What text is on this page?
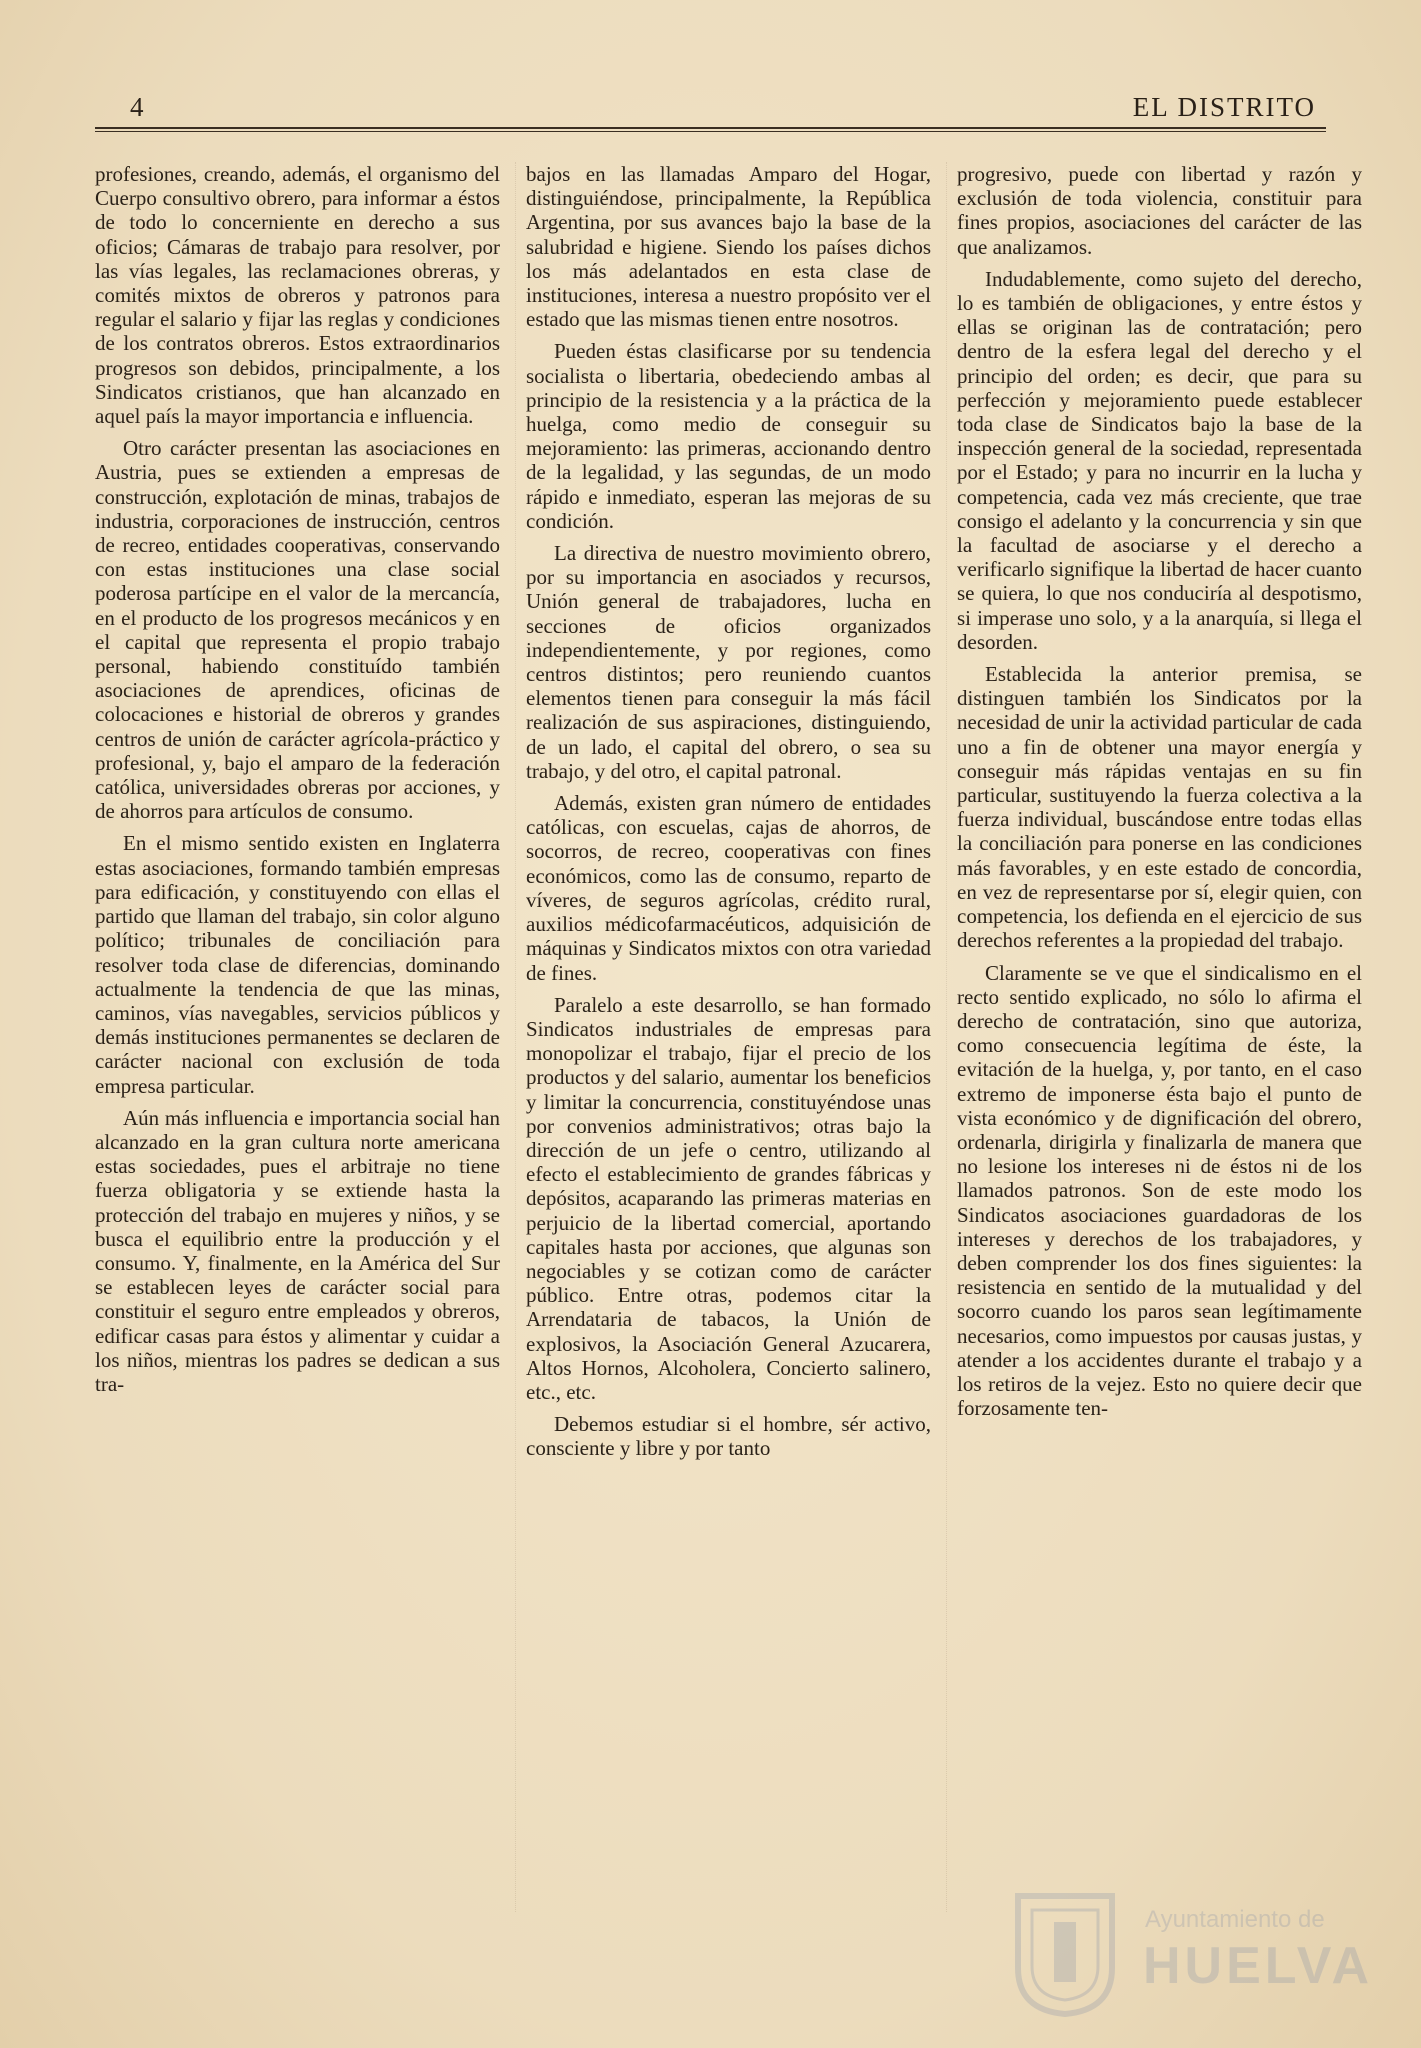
4	EL DISTRITO

profesiones, creando, además, el organismo del Cuerpo consultivo obrero, para informar a éstos de todo lo concerniente en derecho a sus oficios; Cámaras de trabajo para resolver, por las vías legales, las reclamaciones obreras, y comités mixtos de obreros y patronos para regular el salario y fijar las reglas y condiciones de los contratos obreros. Estos extraordinarios progresos son debidos, principalmente, a los Sindicatos cristianos, que han alcanzado en aquel país la mayor importancia e influencia.

Otro carácter presentan las asociaciones en Austria, pues se extienden a empresas de construcción, explotación de minas, trabajos de industria, corporaciones de instrucción, centros de recreo, entidades cooperativas, conservando con estas instituciones una clase social poderosa partícipe en el valor de la mercancía, en el producto de los progresos mecánicos y en el capital que representa el propio trabajo personal, habiendo constituído también asociaciones de aprendices, oficinas de colocaciones e historial de obreros y grandes centros de unión de carácter agrícola-práctico y profesional, y, bajo el amparo de la federación católica, universidades obreras por acciones, y de ahorros para artículos de consumo.

En el mismo sentido existen en Inglaterra estas asociaciones, formando también empresas para edificación, y constituyendo con ellas el partido que llaman del trabajo, sin color alguno político; tribunales de conciliación para resolver toda clase de diferencias, dominando actualmente la tendencia de que las minas, caminos, vías navegables, servicios públicos y demás instituciones permanentes se declaren de carácter nacional con exclusión de toda empresa particular.

Aún más influencia e importancia social han alcanzado en la gran cultura norte americana estas sociedades, pues el arbitraje no tiene fuerza obligatoria y se extiende hasta la protección del trabajo en mujeres y niños, y se busca el equilibrio entre la producción y el consumo. Y, finalmente, en la América del Sur se establecen leyes de carácter social para constituir el seguro entre empleados y obreros, edificar casas para éstos y alimentar y cuidar a los niños, mientras los padres se dedican a sus tra-

bajos en las llamadas Amparo del Hogar, distinguiéndose, principalmente, la República Argentina, por sus avances bajo la base de la salubridad e higiene. Siendo los países dichos los más adelantados en esta clase de instituciones, interesa a nuestro propósito ver el estado que las mismas tienen entre nosotros.

Pueden éstas clasificarse por su tendencia socialista o libertaria, obedeciendo ambas al principio de la resistencia y a la práctica de la huelga, como medio de conseguir su mejoramiento: las primeras, accionando dentro de la legalidad, y las segundas, de un modo rápido e inmediato, esperan las mejoras de su condición.

La directiva de nuestro movimiento obrero, por su importancia en asociados y recursos, Unión general de trabajadores, lucha en secciones de oficios organizados independientemente, y por regiones, como centros distintos; pero reuniendo cuantos elementos tienen para conseguir la más fácil realización de sus aspiraciones, distinguiendo, de un lado, el capital del obrero, o sea su trabajo, y del otro, el capital patronal.

Además, existen gran número de entidades católicas, con escuelas, cajas de ahorros, de socorros, de recreo, cooperativas con fines económicos, como las de consumo, reparto de víveres, de seguros agrícolas, crédito rural, auxilios médicofarmacéuticos, adquisición de máquinas y Sindicatos mixtos con otra variedad de fines.

Paralelo a este desarrollo, se han formado Sindicatos industriales de empresas para monopolizar el trabajo, fijar el precio de los productos y del salario, aumentar los beneficios y limitar la concurrencia, constituyéndose unas por convenios administrativos; otras bajo la dirección de un jefe o centro, utilizando al efecto el establecimiento de grandes fábricas y depósitos, acaparando las primeras materias en perjuicio de la libertad comercial, aportando capitales hasta por acciones, que algunas son negociables y se cotizan como de carácter público. Entre otras, podemos citar la Arrendataria de tabacos, la Unión de explosivos, la Asociación General Azucarera, Altos Hornos, Alcoholera, Concierto salinero, etc., etc.

Debemos estudiar si el hombre, sér activo, consciente y libre y por tanto

progresivo, puede con libertad y razón y exclusión de toda violencia, constituir para fines propios, asociaciones del carácter de las que analizamos.

Indudablemente, como sujeto del derecho, lo es también de obligaciones, y entre éstos y ellas se originan las de contratación; pero dentro de la esfera legal del derecho y el principio del orden; es decir, que para su perfección y mejoramiento puede establecer toda clase de Sindicatos bajo la base de la inspección general de la sociedad, representada por el Estado; y para no incurrir en la lucha y competencia, cada vez más creciente, que trae consigo el adelanto y la concurrencia y sin que la facultad de asociarse y el derecho a verificarlo signifique la libertad de hacer cuanto se quiera, lo que nos conduciría al despotismo, si imperase uno solo, y a la anarquía, si llega el desorden.

Establecida la anterior premisa, se distinguen también los Sindicatos por la necesidad de unir la actividad particular de cada uno a fin de obtener una mayor energía y conseguir más rápidas ventajas en su fin particular, sustituyendo la fuerza colectiva a la fuerza individual, buscándose entre todas ellas la conciliación para ponerse en las condiciones más favorables, y en este estado de concordia, en vez de representarse por sí, elegir quien, con competencia, los defienda en el ejercicio de sus derechos referentes a la propiedad del trabajo.

Claramente se ve que el sindicalismo en el recto sentido explicado, no sólo lo afirma el derecho de contratación, sino que autoriza, como consecuencia legítima de éste, la evitación de la huelga, y, por tanto, en el caso extremo de imponerse ésta bajo el punto de vista económico y de dignificación del obrero, ordenarla, dirigirla y finalizarla de manera que no lesione los intereses ni de éstos ni de los llamados patronos. Son de este modo los Sindicatos asociaciones guardadoras de los intereses y derechos de los trabajadores, y deben comprender los dos fines siguientes: la resistencia en sentido de la mutualidad y del socorro cuando los paros sean legítimamente necesarios, como impuestos por causas justas, y atender a los accidentes durante el trabajo y a los retiros de la vejez. Esto no quiere decir que forzosamente ten-

Ayuntamiento de
HUELVA
